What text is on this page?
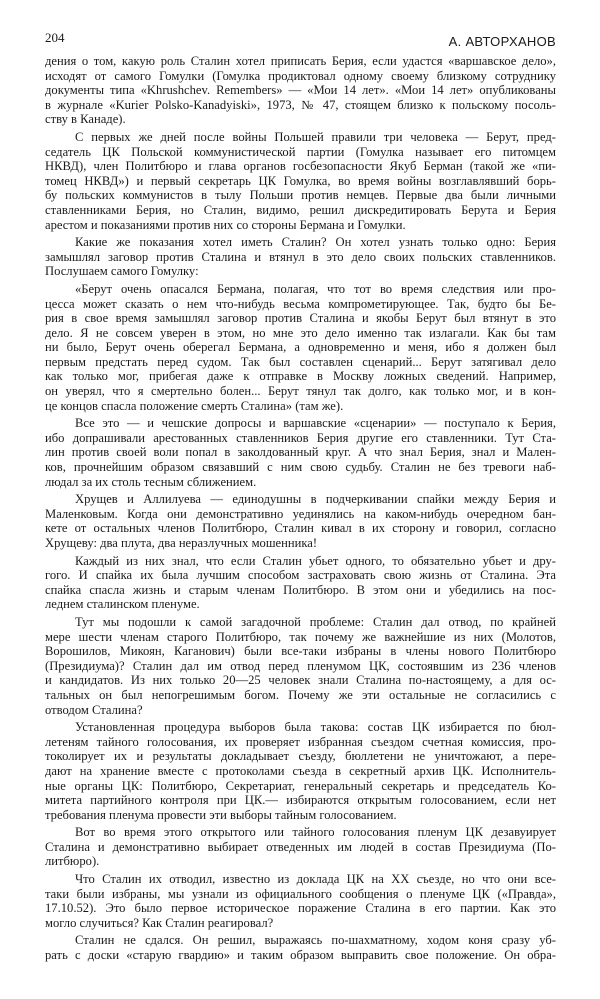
204	А. АВТОРХАНОВ
дения о том, какую роль Сталин хотел приписать Берия, если удастся «варшавское дело»,
исходят от самого Гомулки (Гомулка продиктовал одному своему близкому сотруднику
документы типа «Khrushchev. Remembers» — «Мои 14 лет». «Мои 14 лет» опубликованы
в журнале «Kurier Polsko-Kanadyiski», 1973, № 47, стоящем близко к польскому посоль-
ству в Канаде).
С первых же дней после войны Польшей правили три человека — Берут, пред-
седатель ЦК Польской коммунистической партии (Гомулка называет его питомцем
НКВД), член Политбюро и глава органов госбезопасности Якуб Берман (такой же «пи-
томец НКВД») и первый секретарь ЦК Гомулка, во время войны возглавлявший борь-
бу польских коммунистов в тылу Польши против немцев. Первые два были личными
ставленниками Берия, но Сталин, видимо, решил дискредитировать Берута и Берия
арестом и показаниями против них со стороны Бермана и Гомулки.
Какие же показания хотел иметь Сталин? Он хотел узнать только одно: Берия
замышлял заговор против Сталина и втянул в это дело своих польских ставленников.
Послушаем самого Гомулку:
«Берут очень опасался Бермана, полагая, что тот во время следствия или про-
цесса может сказать о нем что-нибудь весьма компрометирующее. Так, будто бы Бе-
рия в свое время замышлял заговор против Сталина и якобы Берут был втянут в это
дело. Я не совсем уверен в этом, но мне это дело именно так излагали. Как бы там
ни было, Берут очень оберегал Бермана, а одновременно и меня, ибо я должен был
первым предстать перед судом. Так был составлен сценарий... Берут затягивал дело
как только мог, прибегая даже к отправке в Москву ложных сведений. Например,
он уверял, что я смертельно болен... Берут тянул так долго, как только мог, и в кон-
це концов спасла положение смерть Сталина» (там же).
Все это — и чешские допросы и варшавские «сценарии» — поступало к Берия,
ибо допрашивали арестованных ставленников Берия другие его ставленники. Тут Ста-
лин против своей воли попал в заколдованный круг. А что знал Берия, знал и Мален-
ков, прочнейшим образом связавший с ним свою судьбу. Сталин не без тревоги наб-
людал за их столь тесным сближением.
Хрущев и Аллилуева — единодушны в подчеркивании спайки между Берия и
Маленковым. Когда они демонстративно уединялись на каком-нибудь очередном бан-
кете от остальных членов Политбюро, Сталин кивал в их сторону и говорил, согласно
Хрущеву: два плута, два неразлучных мошенника!
Каждый из них знал, что если Сталин убьет одного, то обязательно убьет и дру-
гого. И спайка их была лучшим способом застраховать свою жизнь от Сталина. Эта
спайка спасла жизнь и старым членам Политбюро. В этом они и убедились на пос-
леднем сталинском пленуме.
Тут мы подошли к самой загадочной проблеме: Сталин дал отвод, по крайней
мере шести членам старого Политбюро, так почему же важнейшие из них (Молотов,
Ворошилов, Микоян, Каганович) были все-таки избраны в члены нового Политбюро
(Президиума)? Сталин дал им отвод перед пленумом ЦК, состоявшим из 236 членов
и кандидатов. Из них только 20—25 человек знали Сталина по-настоящему, а для ос-
тальных он был непогрешимым богом. Почему же эти остальные не согласились с
отводом Сталина?
Установленная процедура выборов была такова: состав ЦК избирается по бюл-
летеням тайного голосования, их проверяет избранная съездом счетная комиссия, про-
токолирует их и результаты докладывает съезду, бюллетени не уничтожают, а пере-
дают на хранение вместе с протоколами съезда в секретный архив ЦК. Исполнитель-
ные органы ЦК: Политбюро, Секретариат, генеральный секретарь и председатель Ко-
митета партийного контроля при ЦК.— избираются открытым голосованием, если нет
требования пленума провести эти выборы тайным голосованием.
Вот во время этого открытого или тайного голосования пленум ЦК дезавуирует
Сталина и демонстративно выбирает отведенных им людей в состав Президиума (По-
литбюро).
Что Сталин их отводил, известно из доклада ЦК на XX съезде, но что они все-
таки были избраны, мы узнали из официального сообщения о пленуме ЦК («Правда»,
17.10.52). Это было первое историческое поражение Сталина в его партии. Как это
могло случиться? Как Сталин реагировал?
Сталин не сдался. Он решил, выражаясь по-шахматному, ходом коня сразу уб-
рать с доски «старую гвардию» и таким образом выправить свое положение. Он обра-
